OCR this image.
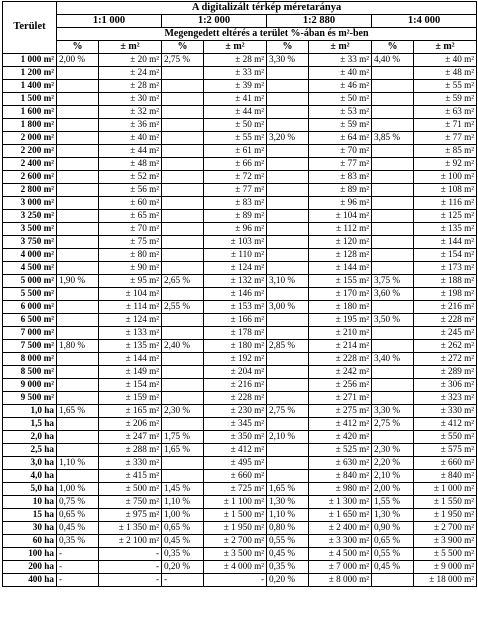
Terület	A digitalizált térkép méretaránya							
	1:1 000		1:2 000		1:2 880		1:4 000	
	Megengedett eltérés a terület %-ában és m²-ben							
	%	± m²	%	± m²	%	± m²	%	± m²
1 000 m²	2,00 %	± 20 m²	2,75 %	± 28 m²	3,30 %	± 33 m²	4,40 %	± 40 m²
1 200 m²		± 24 m²		± 33 m²		± 40 m²		± 48 m²
1 400 m²		± 28 m²		± 39 m²		± 46 m²		± 55 m²
1 500 m²		± 30 m²		± 41 m²		± 50 m²		± 59 m²
1 600 m²		± 32 m²		± 44 m²		± 53 m²		± 63 m²
1 800 m²		± 36 m²		± 50 m²		± 59 m²		± 71 m²
2 000 m²		± 40 m²		± 55 m²	3,20 %	± 64 m²	3,85 %	± 77 m²
2 200 m²		± 44 m²		± 61 m²		± 70 m²		± 85 m²
2 400 m²		± 48 m²		± 66 m²		± 77 m²		± 92 m²
2 600 m²		± 52 m²		± 72 m²		± 83 m²		± 100 m²
2 800 m²		± 56 m²		± 77 m²		± 89 m²		± 108 m²
3 000 m²		± 60 m²		± 83 m²		± 96 m²		± 116 m²
3 250 m²		± 65 m²		± 89 m²		± 104 m²		± 125 m²
3 500 m²		± 70 m²		± 96 m²		± 112 m²		± 135 m²
3 750 m²		± 75 m²		± 103 m²		± 120 m²		± 144 m²
4 000 m²		± 80 m²		± 110 m²		± 128 m²		± 154 m²
4 500 m²		± 90 m²		± 124 m²		± 144 m²		± 173 m²
5 000 m²	1,90 %	± 95 m²	2,65 %	± 132 m²	3,10 %	± 155 m²	3,75 %	± 188 m²
5 500 m²		± 104 m²		± 146 m²		± 170 m²	3,60 %	± 198 m²
6 000 m²		± 114 m²	2,55 %	± 153 m²	3,00 %	± 180 m²		± 216 m²
6 500 m²		± 124 m²		± 166 m²		± 195 m²	3,50 %	± 228 m²
7 000 m²		± 133 m²		± 178 m²		± 210 m²		± 245 m²
7 500 m²	1,80 %	± 135 m²	2,40 %	± 180 m²	2,85 %	± 214 m²		± 262 m²
8 000 m²		± 144 m²		± 192 m²		± 228 m²	3,40 %	± 272 m²
8 500 m²		± 149 m²		± 204 m²		± 242 m²		± 289 m²
9 000 m²		± 154 m²		± 216 m²		± 256 m²		± 306 m²
9 500 m²		± 159 m²		± 228 m²		± 271 m²		± 323 m²
1,0 ha	1,65 %	± 165 m²	2,30 %	± 230 m²	2,75 %	± 275 m²	3,30 %	± 330 m²
1,5 ha		± 206 m²		± 345 m²		± 412 m²	2,75 %	± 412 m²
2,0 ha		± 247 m²	1,75 %	± 350 m²	2,10 %	± 420 m²		± 550 m²
2,5 ha		± 288 m²	1,65 %	± 412 m²		± 525 m²	2,30 %	± 575 m²
3,0 ha	1,10 %	± 330 m²		± 495 m²		± 630 m²	2,20 %	± 660 m²
4,0 ha		± 415 m²		± 660 m²		± 840 m²	2,10 %	± 840 m²
5,0 ha	1,00 %	± 500 m²	1,45 %	± 725 m²	1,65 %	± 980 m²	2,00 %	± 1 000 m²
10 ha	0,75 %	± 750 m²	1,10 %	± 1 100 m²	1,30 %	± 1 300 m²	1,55 %	± 1 550 m²
15 ha	0,65 %	± 975 m²	1,00 %	± 1 500 m²	1,10 %	± 1 650 m²	1,30 %	± 1 950 m²
30 ha	0,45 %	± 1 350 m²	0,65 %	± 1 950 m²	0,80 %	± 2 400 m²	0,90 %	± 2 700 m²
60 ha	0,35 %	± 2 100 m²	0,45 %	± 2 700 m²	0,55 %	± 3 300 m²	0,65 %	± 3 900 m²
100 ha	-	-	0,35 %	± 3 500 m²	0,45 %	± 4 500 m²	0,55 %	± 5 500 m²
200 ha	-	-	0,20 %	± 4 000 m²	0,35 %	± 7 000 m²	0,45 %	± 9 000 m²
400 ha	-	-	-	-	0,20 %	± 8 000 m²		± 18 000 m²
